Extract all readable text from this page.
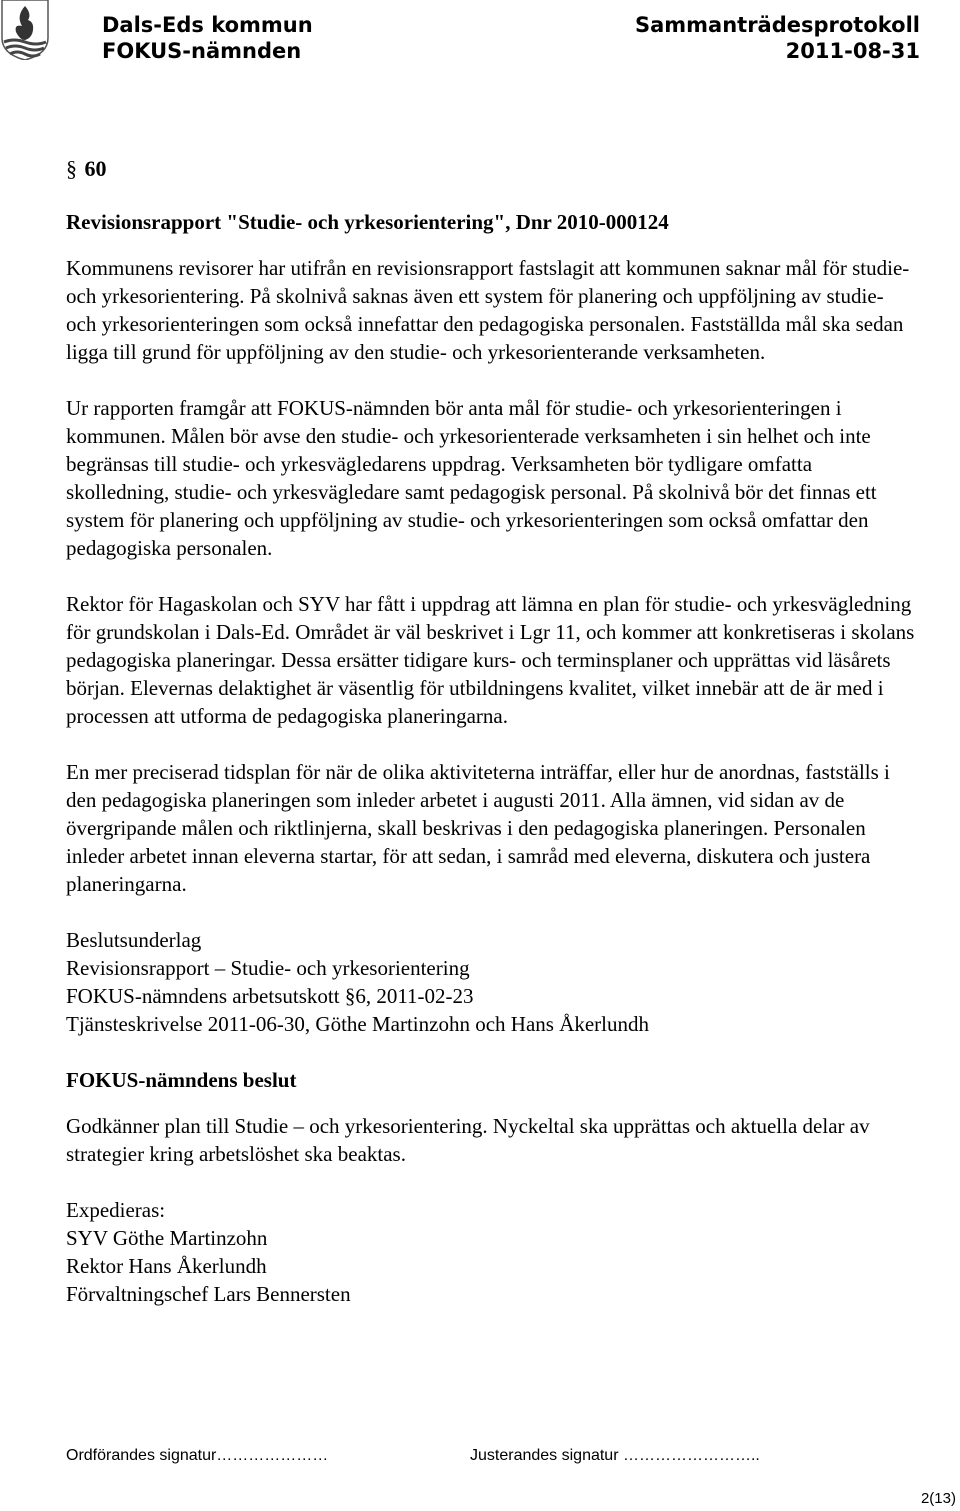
Dals-Eds kommun
FOKUS-nämnden
Sammanträdesprotokoll
2011-08-31
§ 60

Revisionsrapport "Studie- och yrkesorientering", Dnr 2010-000124

Kommunens revisorer har utifrån en revisionsrapport fastslagit att kommunen saknar mål för studie- och yrkesorientering. På skolnivå saknas även ett system för planering och uppföljning av studie- och yrkesorienteringen som också innefattar den pedagogiska personalen. Fastställda mål ska sedan ligga till grund för uppföljning av den studie- och yrkesorienterande verksamheten.

Ur rapporten framgår att FOKUS-nämnden bör anta mål för studie- och yrkesorienteringen i kommunen. Målen bör avse den studie- och yrkesorienterade verksamheten i sin helhet och inte begränsas till studie- och yrkesvägledarens uppdrag. Verksamheten bör tydligare omfatta skolledning, studie- och yrkesvägledare samt pedagogisk personal. På skolnivå bör det finnas ett system för planering och uppföljning av studie- och yrkesorienteringen som också omfattar den pedagogiska personalen.

Rektor för Hagaskolan och SYV har fått i uppdrag att lämna en plan för studie- och yrkesvägledning för grundskolan i Dals-Ed. Området är väl beskrivet i Lgr 11, och kommer att konkretiseras i skolans pedagogiska planeringar. Dessa ersätter tidigare kurs- och terminsplaner och upprättas vid läsårets början. Elevernas delaktighet är väsentlig för utbildningens kvalitet, vilket innebär att de är med i processen att utforma de pedagogiska planeringarna.

En mer preciserad tidsplan för när de olika aktiviteterna inträffar, eller hur de anordnas, fastställs i den pedagogiska planeringen som inleder arbetet i augusti 2011. Alla ämnen, vid sidan av de övergripande målen och riktlinjerna, skall beskrivas i den pedagogiska planeringen. Personalen inleder arbetet innan eleverna startar, för att sedan, i samråd med eleverna, diskutera och justera planeringarna.

Beslutsunderlag

Revisionsrapport – Studie- och yrkesorientering

FOKUS-nämndens arbetsutskott §6, 2011-02-23

Tjänsteskrivelse 2011-06-30, Göthe Martinzohn och Hans Åkerlundh

FOKUS-nämndens beslut

Godkänner plan till Studie – och yrkesorientering. Nyckeltal ska upprättas och aktuella delar av strategier kring arbetslöshet ska beaktas.

Expedieras:

SYV Göthe Martinzohn

Rektor Hans Åkerlundh

Förvaltningschef Lars Bennersten

Ordförandes signatur…………………	Justerandes signatur ……………………..
2(13)
